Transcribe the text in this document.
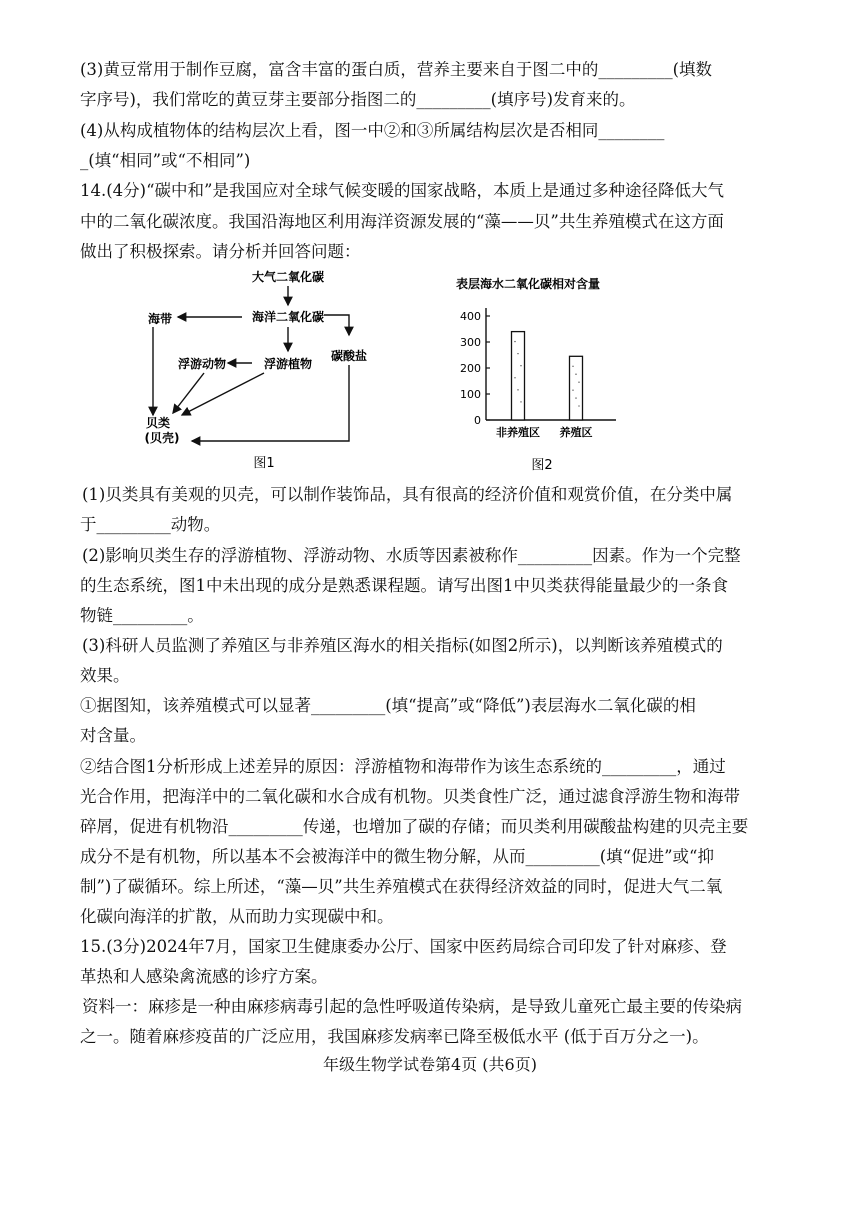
(3)黄豆常用于制作豆腐，富含丰富的蛋白质，营养主要来自于图二中的_________(填数
字序号)，我们常吃的黄豆芽主要部分指图二的_________(填序号)发育来的。
(4)从构成植物体的结构层次上看，图一中②和③所属结构层次是否相同________
_(填“相同”或“不相同”)
14.(4分)“碳中和”是我国应对全球气候变暖的国家战略，本质上是通过多种途径降低大气
中的二氧化碳浓度。我国沿海地区利用海洋资源发展的“藻——贝”共生养殖模式在这方面
做出了积极探索。请分析并回答问题：
大气二氧化碳
海洋二氧化碳
海带
碳酸盐
浮游植物
浮游动物
贝类
(贝壳)
图1
表层海水二氧化碳相对含量
图2
0
100
200
300
400
非养殖区 养殖区
(1)贝类具有美观的贝壳，可以制作装饰品，具有很高的经济价值和观赏价值，在分类中属
于_________动物。
(2)影响贝类生存的浮游植物、浮游动物、水质等因素被称作_________因素。作为一个完整
的生态系统，图1中未出现的成分是熟悉课程题。请写出图1中贝类获得能量最少的一条食
物链_________。
(3)科研人员监测了养殖区与非养殖区海水的相关指标(如图2所示)，以判断该养殖模式的
效果。
①据图知，该养殖模式可以显著_________(填“提高”或“降低”)表层海水二氧化碳的相
对含量。
②结合图1分析形成上述差异的原因：浮游植物和海带作为该生态系统的_________，通过
光合作用，把海洋中的二氧化碳和水合成有机物。贝类食性广泛，通过滤食浮游生物和海带
碎屑，促进有机物沿_________传递，也增加了碳的存储；而贝类利用碳酸盐构建的贝壳主要
成分不是有机物，所以基本不会被海洋中的微生物分解，从而_________(填“促进”或“抑
制”)了碳循环。综上所述，“藻—贝”共生养殖模式在获得经济效益的同时，促进大气二氧
化碳向海洋的扩散，从而助力实现碳中和。
15.(3分)2024年7月，国家卫生健康委办公厅、国家中医药局综合司印发了针对麻疹、登
革热和人感染禽流感的诊疗方案。
资料一：麻疹是一种由麻疹病毒引起的急性呼吸道传染病，是导致儿童死亡最主要的传染病
之一。随着麻疹疫苗的广泛应用，我国麻疹发病率已降至极低水平 (低于百万分之一)。
年级生物学试卷第4页 (共6页)
